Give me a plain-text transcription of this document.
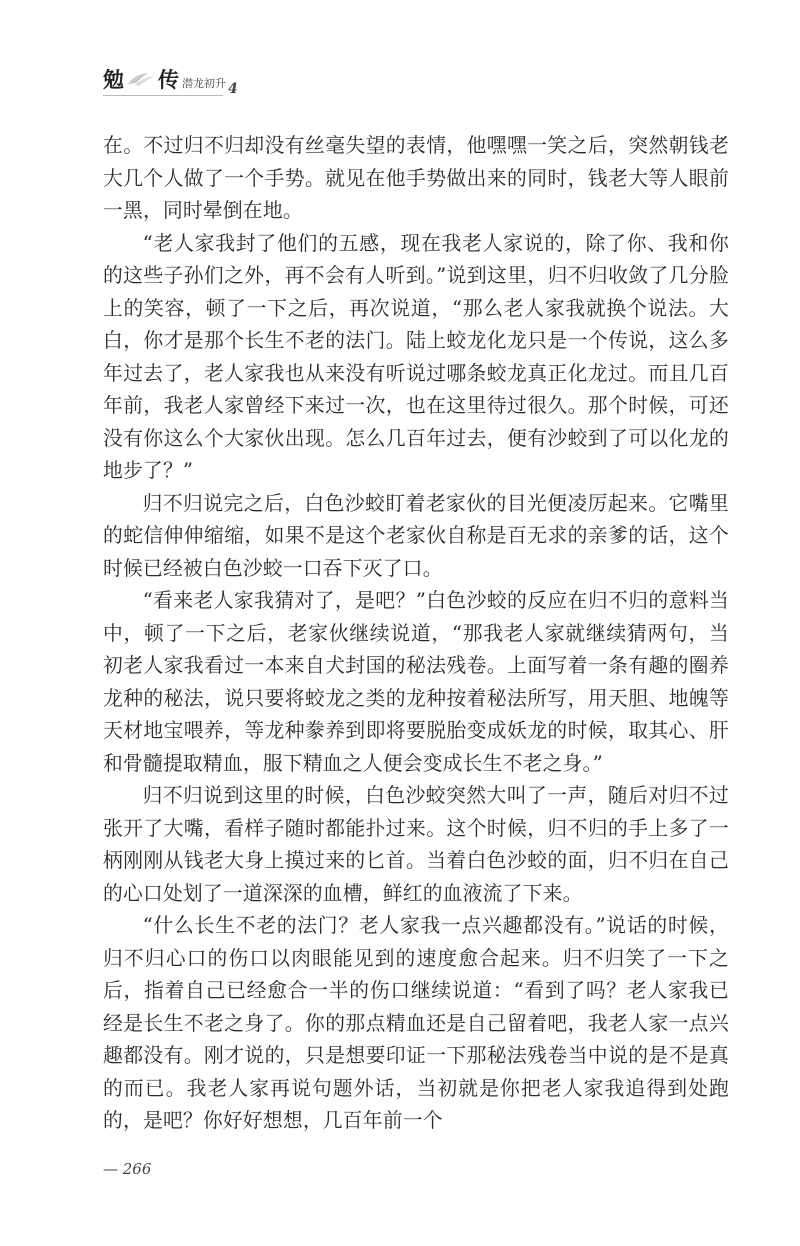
勉 传 潜龙初升 4

在。不过归不归却没有丝毫失望的表情，他嘿嘿一笑之后，突然朝钱老大几个人做了一个手势。就见在他手势做出来的同时，钱老大等人眼前一黑，同时晕倒在地。

“老人家我封了他们的五感，现在我老人家说的，除了你、我和你的这些子孙们之外，再不会有人听到。”说到这里，归不归收敛了几分脸上的笑容，顿了一下之后，再次说道，“那么老人家我就换个说法。大白，你才是那个长生不老的法门。陆上蛟龙化龙只是一个传说，这么多年过去了，老人家我也从来没有听说过哪条蛟龙真正化龙过。而且几百年前，我老人家曾经下来过一次，也在这里待过很久。那个时候，可还没有你这么个大家伙出现。怎么几百年过去，便有沙蛟到了可以化龙的地步了？”

归不归说完之后，白色沙蛟盯着老家伙的目光便凌厉起来。它嘴里的蛇信伸伸缩缩，如果不是这个老家伙自称是百无求的亲爹的话，这个时候已经被白色沙蛟一口吞下灭了口。

“看来老人家我猜对了，是吧？”白色沙蛟的反应在归不归的意料当中，顿了一下之后，老家伙继续说道，“那我老人家就继续猜两句，当初老人家我看过一本来自犬封国的秘法残卷。上面写着一条有趣的圈养龙种的秘法，说只要将蛟龙之类的龙种按着秘法所写，用天胆、地魄等天材地宝喂养，等龙种豢养到即将要脱胎变成妖龙的时候，取其心、肝和骨髓提取精血，服下精血之人便会变成长生不老之身。”

归不归说到这里的时候，白色沙蛟突然大叫了一声，随后对归不过张开了大嘴，看样子随时都能扑过来。这个时候，归不归的手上多了一柄刚刚从钱老大身上摸过来的匕首。当着白色沙蛟的面，归不归在自己的心口处划了一道深深的血槽，鲜红的血液流了下来。

“什么长生不老的法门？老人家我一点兴趣都没有。”说话的时候，归不归心口的伤口以肉眼能见到的速度愈合起来。归不归笑了一下之后，指着自己已经愈合一半的伤口继续说道：“看到了吗？老人家我已经是长生不老之身了。你的那点精血还是自己留着吧，我老人家一点兴趣都没有。刚才说的，只是想要印证一下那秘法残卷当中说的是不是真的而已。我老人家再说句题外话，当初就是你把老人家我追得到处跑的，是吧？你好好想想，几百年前一个

— 266
